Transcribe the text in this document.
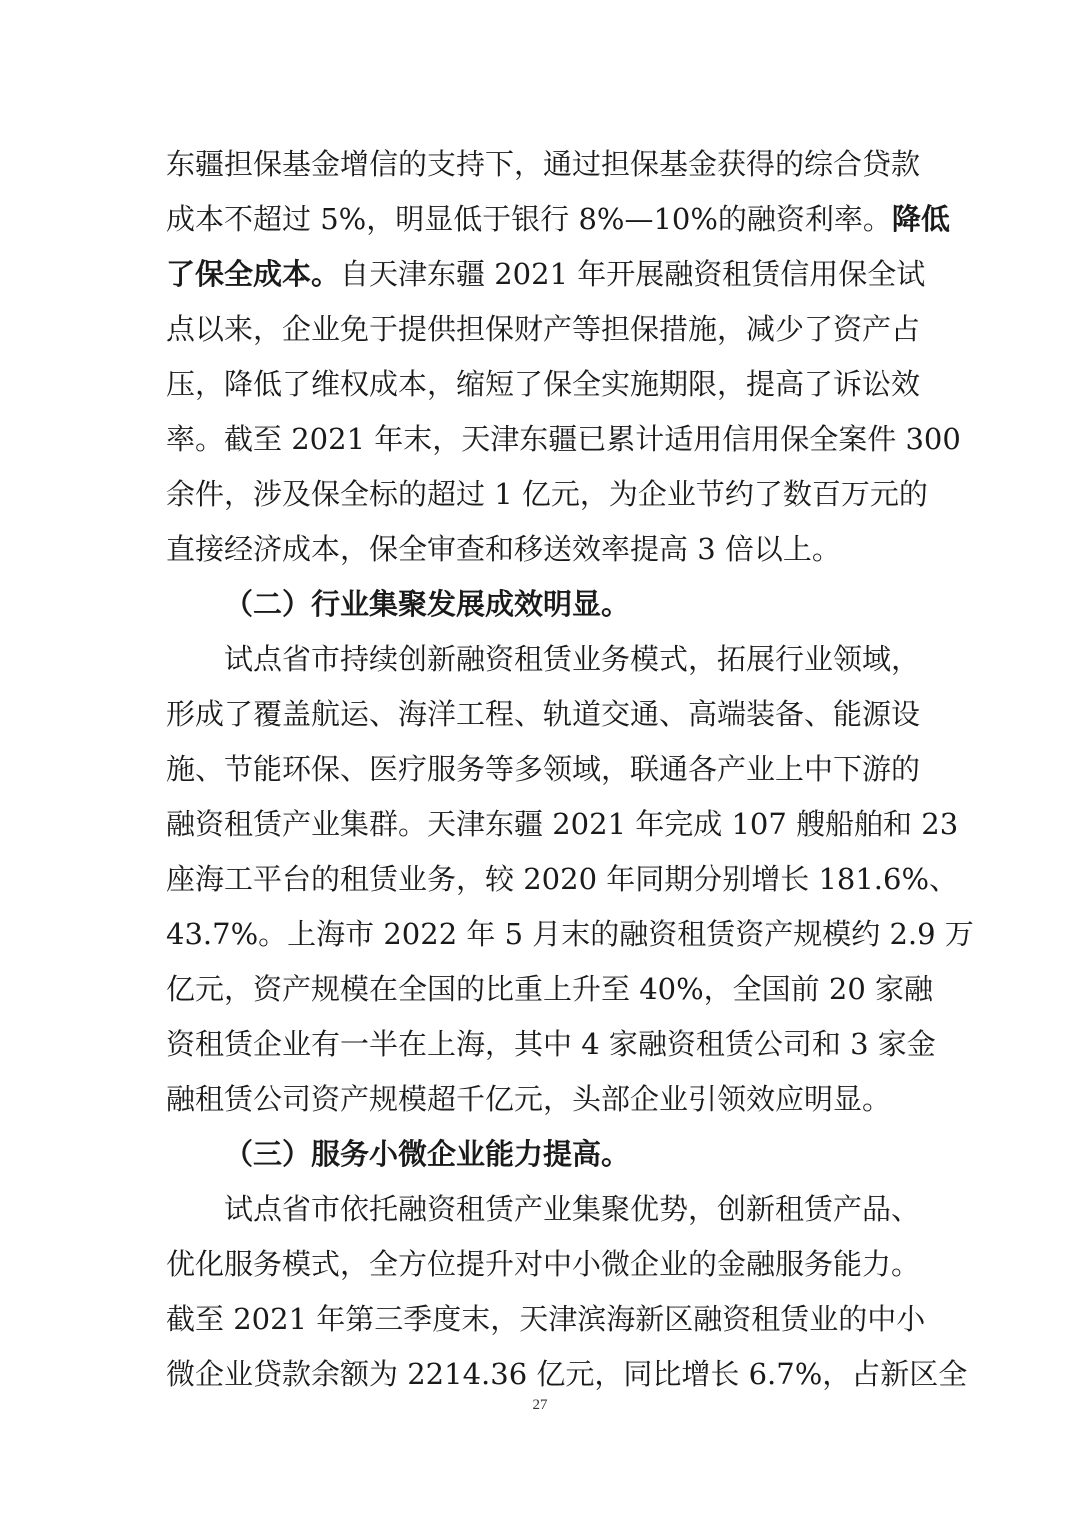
东疆担保基金增信的支持下，通过担保基金获得的综合贷款
成本不超过 5%，明显低于银行 8%—10%的融资利率。降低
了保全成本。自天津东疆 2021 年开展融资租赁信用保全试
点以来，企业免于提供担保财产等担保措施，减少了资产占
压，降低了维权成本，缩短了保全实施期限，提高了诉讼效
率。截至 2021 年末，天津东疆已累计适用信用保全案件 300
余件，涉及保全标的超过 1 亿元，为企业节约了数百万元的
直接经济成本，保全审查和移送效率提高 3 倍以上。
（二）行业集聚发展成效明显。
试点省市持续创新融资租赁业务模式，拓展行业领域，
形成了覆盖航运、海洋工程、轨道交通、高端装备、能源设
施、节能环保、医疗服务等多领域，联通各产业上中下游的
融资租赁产业集群。天津东疆 2021 年完成 107 艘船舶和 23
座海工平台的租赁业务，较 2020 年同期分别增长 181.6%、
43.7%。上海市 2022 年 5 月末的融资租赁资产规模约 2.9 万
亿元，资产规模在全国的比重上升至 40%，全国前 20 家融
资租赁企业有一半在上海，其中 4 家融资租赁公司和 3 家金
融租赁公司资产规模超千亿元，头部企业引领效应明显。
（三）服务小微企业能力提高。
试点省市依托融资租赁产业集聚优势，创新租赁产品、
优化服务模式，全方位提升对中小微企业的金融服务能力。
截至 2021 年第三季度末，天津滨海新区融资租赁业的中小
微企业贷款余额为 2214.36 亿元，同比增长 6.7%，占新区全
27
